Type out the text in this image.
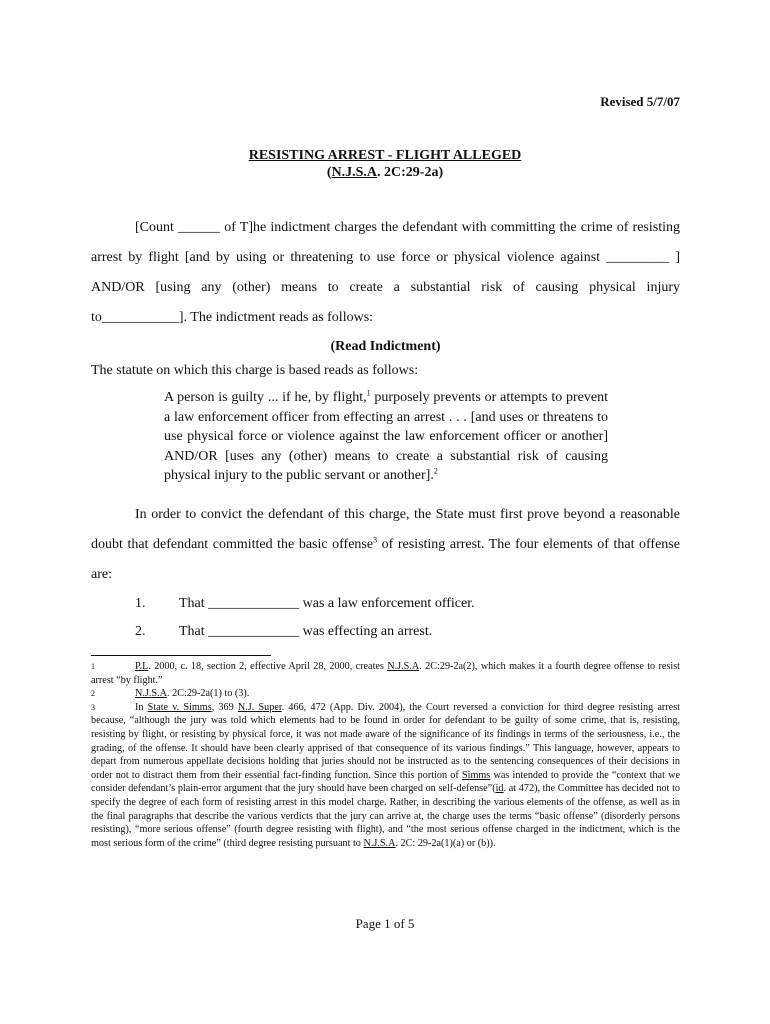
Revised 5/7/07
RESISTING ARREST - FLIGHT ALLEGED
(N.J.S.A. 2C:29-2a)

[Count ______ of T]he indictment charges the defendant with committing the crime of resisting arrest by flight [and by using or threatening to use force or physical violence against _________ ] AND/OR [using any (other) means to create a substantial risk of causing physical injury to___________]. The indictment reads as follows:

(Read Indictment)

The statute on which this charge is based reads as follows:

A person is guilty ... if he, by flight,$^1$ purposely prevents or attempts to prevent a law enforcement officer from effecting an arrest . . . [and uses or threatens to use physical force or violence against the law enforcement officer or another] AND/OR [uses any (other) means to create a substantial risk of causing physical injury to the public servant or another].$^2$

In order to convict the defendant of this charge, the State must first prove beyond a reasonable doubt that defendant committed the basic offense$^3$ of resisting arrest. The four elements of that offense are:

1. That _____________ was a law enforcement officer.

2. That _____________ was effecting an arrest.

1	P.L. 2000, c. 18, section 2, effective April 28, 2000, creates N.J.S.A. 2C:29-2a(2), which makes it a fourth degree offense to resist arrest “by flight.”

2	N.J.S.A. 2C:29-2a(1) to (3).

3	In State v. Simms, 369 N.J. Super. 466, 472 (App. Div. 2004), the Court reversed a conviction for third degree resisting arrest because, “although the jury was told which elements had to be found in order for defendant to be guilty of some crime, that is, resisting, resisting by flight, or resisting by physical force, it was not made aware of the significance of its findings in terms of the seriousness, i.e., the grading, of the offense. It should have been clearly apprised of that consequence of its various findings.” This language, however, appears to depart from numerous appellate decisions holding that juries should not be instructed as to the sentencing consequences of their decisions in order not to distract them from their essential fact-finding function. Since this portion of Simms was intended to provide the “context that we consider defendant’s plain-error argument that the jury should have been charged on self-defense”(id. at 472), the Committee has decided not to specify the degree of each form of resisting arrest in this model charge. Rather, in describing the various elements of the offense, as well as in the final paragraphs that describe the various verdicts that the jury can arrive at, the charge uses the terms “basic offense” (disorderly persons resisting), “more serious offense” (fourth degree resisting with flight), and “the most serious offense charged in the indictment, which is the most serious form of the crime” (third degree resisting pursuant to N.J.S.A. 2C: 29-2a(1)(a) or (b)).

Page 1 of 5
